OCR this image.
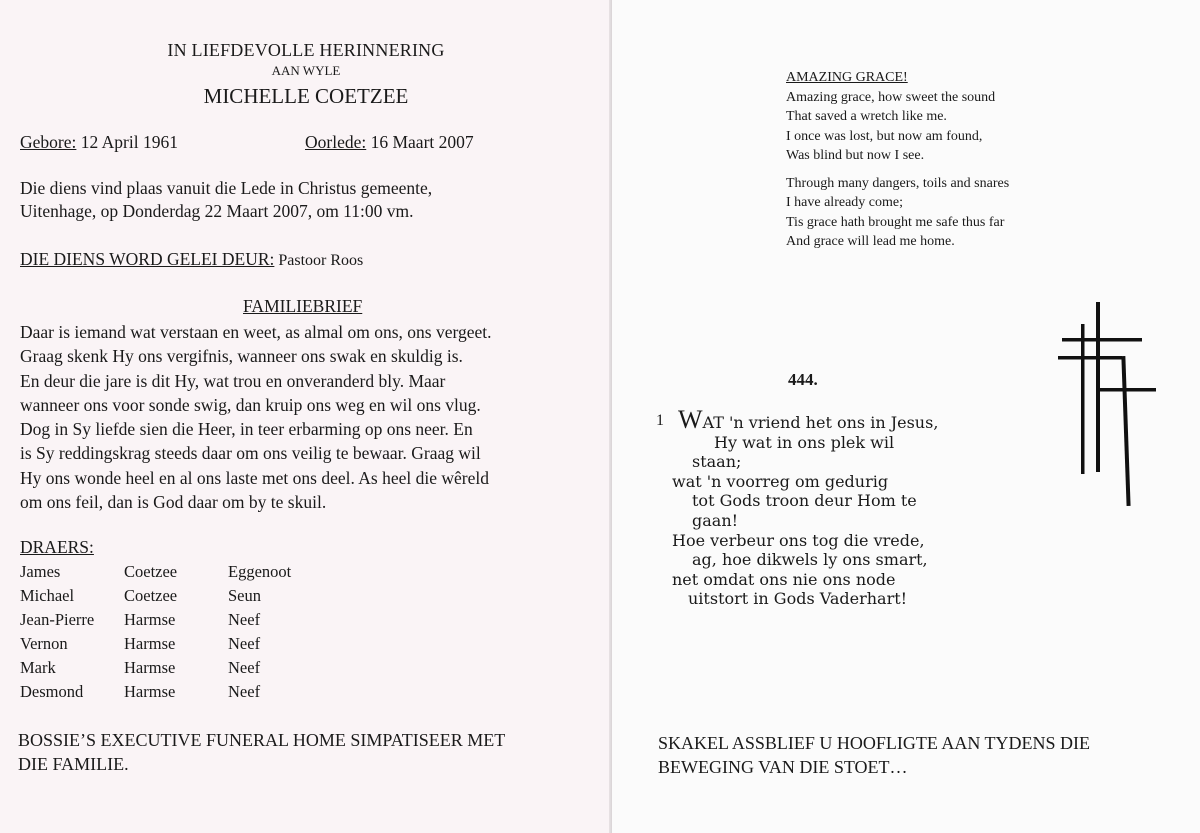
IN LIEFDEVOLLE HERINNERING
AAN WYLE
MICHELLE COETZEE
Gebore: 12 April 1961	Oorlede: 16 Maart 2007
Die diens vind plaas vanuit die Lede in Christus gemeente,
Uitenhage, op Donderdag 22 Maart 2007, om 11:00 vm.
DIE DIENS WORD GELEI DEUR: Pastoor Roos
FAMILIEBRIEF
Daar is iemand wat verstaan en weet, as almal om ons, ons vergeet.
Graag skenk Hy ons vergifnis, wanneer ons swak en skuldig is.
En deur die jare is dit Hy, wat trou en onveranderd bly. Maar
wanneer ons voor sonde swig, dan kruip ons weg en wil ons vlug.
Dog in Sy liefde sien die Heer, in teer erbarming op ons neer. En
is Sy reddingskrag steeds daar om ons veilig te bewaar. Graag wil
Hy ons wonde heel en al ons laste met ons deel. As heel die wêreld
om ons feil, dan is God daar om by te skuil.
DRAERS:
James	Coetzee	Eggenoot
Michael	Coetzee	Seun
Jean-Pierre	Harmse	Neef
Vernon	Harmse	Neef
Mark	Harmse	Neef
Desmond	Harmse	Neef
BOSSIE’S EXECUTIVE FUNERAL HOME SIMPATISEER MET
DIE FAMILIE.
AMAZING GRACE!
Amazing grace, how sweet the sound
That saved a wretch like me.
I once was lost, but now am found,
Was blind but now I see.
Through many dangers, toils and snares
I have already come;
Tis grace hath brought me safe thus far
And grace will lead me home.
444.
1 WAT 'n vriend het ons in Jesus,
Hy wat in ons plek wil
staan;
wat 'n voorreg om gedurig
tot Gods troon deur Hom te
gaan!
Hoe verbeur ons tog die vrede,
ag, hoe dikwels ly ons smart,
net omdat ons nie ons node
uitstort in Gods Vaderhart!
SKAKEL ASSBLIEF U HOOFLIGTE AAN TYDENS DIE
BEWEGING VAN DIE STOET…
